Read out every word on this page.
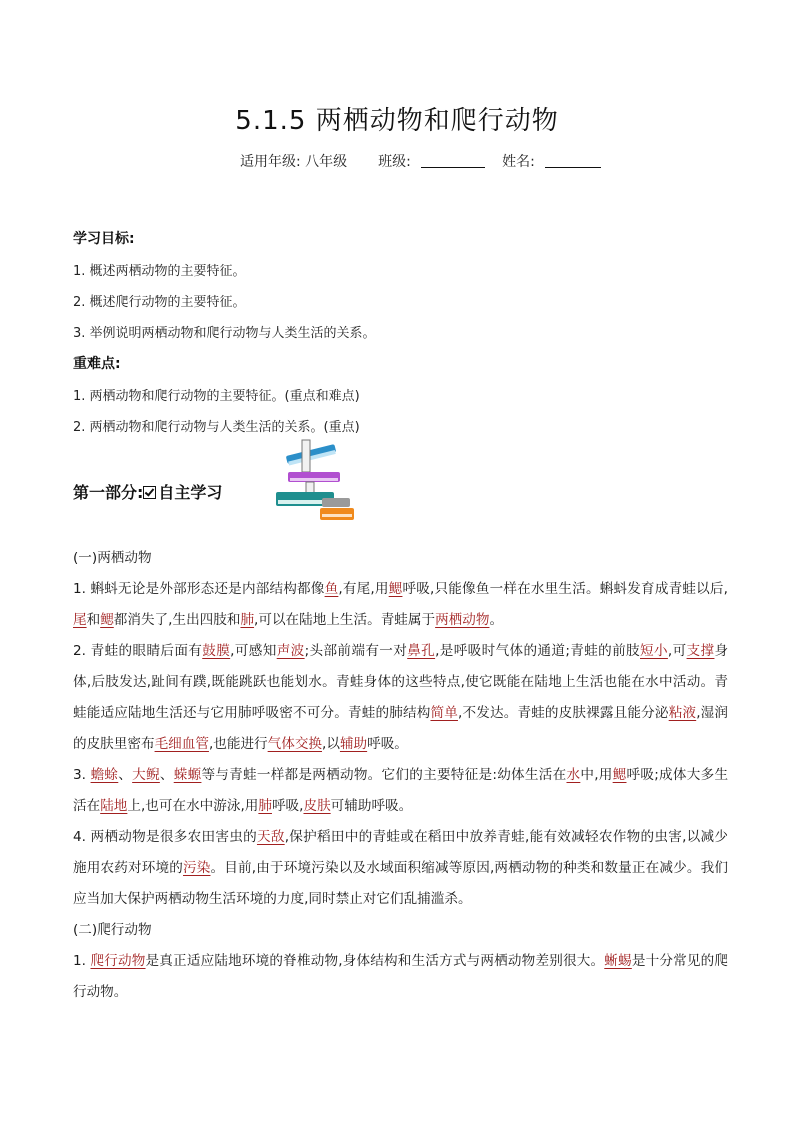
5.1.5 两栖动物和爬行动物
适用年级: 八年级 班级:	姓名:
学习目标:
1. 概述两栖动物的主要特征。
2. 概述爬行动物的主要特征。
3. 举例说明两栖动物和爬行动物与人类生活的关系。
重难点:
1. 两栖动物和爬行动物的主要特征。(重点和难点)
2. 两栖动物和爬行动物与人类生活的关系。(重点)
第一部分: 自主学习

(一)两栖动物

1. 蝌蚪无论是外部形态还是内部结构都像鱼,有尾,用鳃呼吸,只能像鱼一样在水里生活。蝌蚪发育成青蛙以后,尾和鳃都消失了,生出四肢和肺,可以在陆地上生活。青蛙属于两栖动物。

2. 青蛙的眼睛后面有鼓膜,可感知声波;头部前端有一对鼻孔,是呼吸时气体的通道;青蛙的前肢短小,可支撑身体,后肢发达,趾间有蹼,既能跳跃也能划水。青蛙身体的这些特点,使它既能在陆地上生活也能在水中活动。青蛙能适应陆地生活还与它用肺呼吸密不可分。青蛙的肺结构简单,不发达。青蛙的皮肤裸露且能分泌粘液,湿润的皮肤里密布毛细血管,也能进行气体交换,以辅助呼吸。

3. 蟾蜍、大鲵、蝾螈等与青蛙一样都是两栖动物。它们的主要特征是:幼体生活在水中,用鳃呼吸;成体大多生活在陆地上,也可在水中游泳,用肺呼吸,皮肤可辅助呼吸。

4. 两栖动物是很多农田害虫的天敌,保护稻田中的青蛙或在稻田中放养青蛙,能有效减轻农作物的虫害,以减少施用农药对环境的污染。目前,由于环境污染以及水域面积缩减等原因,两栖动物的种类和数量正在减少。我们应当加大保护两栖动物生活环境的力度,同时禁止对它们乱捕滥杀。

(二)爬行动物

1. 爬行动物是真正适应陆地环境的脊椎动物,身体结构和生活方式与两栖动物差别很大。蜥蜴是十分常见的爬行动物。
